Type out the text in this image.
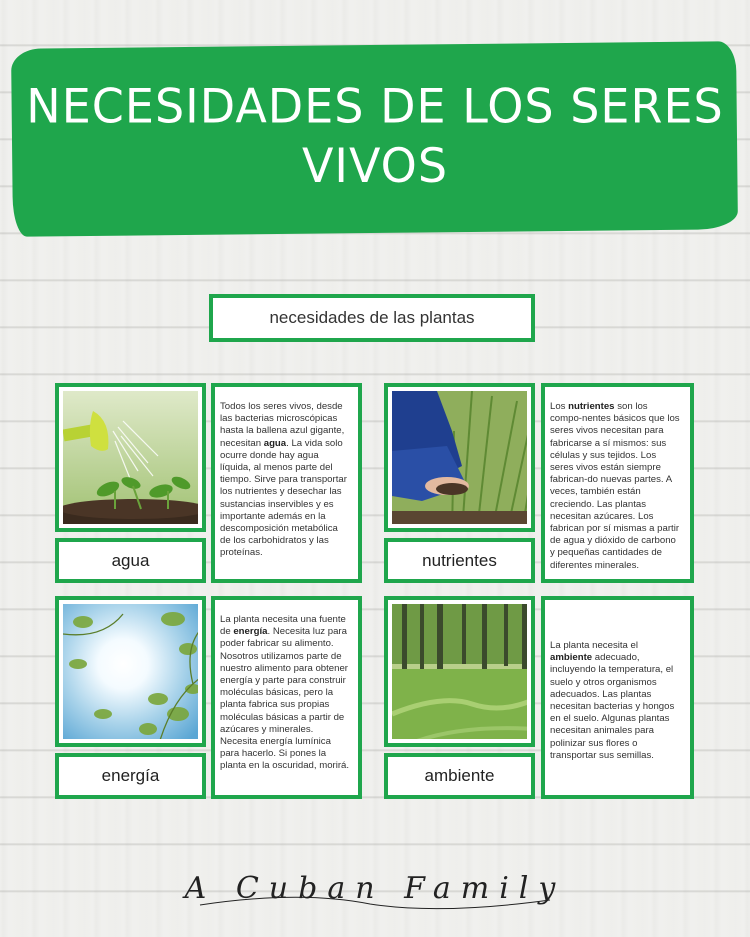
NECESIDADES DE LOS SERES VIVOS
necesidades de las plantas
agua
Todos los seres vivos, desde las bacterias microscópicas hasta la ballena azul gigante, necesitan agua. La vida solo ocurre donde hay agua líquida, al menos parte del tiempo. Sirve para transportar los nutrientes y desechar las sustancias inservibles y es importante además en la descomposición metabólica de los carbohidratos y las proteínas.	nutrientes
Los nutrientes son los compo-nentes básicos que los seres vivos necesitan para fabricarse a sí mismos: sus células y sus tejidos. Los seres vivos están siempre fabrican-do nuevas partes. A veces, también están creciendo. Las plantas necesitan azúcares. Los fabrican por sí mismas a partir de agua y dióxido de carbono y pequeñas cantidades de diferentes minerales.
energía
La planta necesita una fuente de energía. Necesita luz para poder fabricar su alimento. Nosotros utilizamos parte de nuestro alimento para obtener energía y parte para construir moléculas básicas, pero la planta fabrica sus propias moléculas básicas a partir de azúcares y minerales. Necesita energía lumínica para hacerlo. Si pones la planta en la oscuridad, morirá.
ambiente
La planta necesita el ambiente adecuado, incluyendo la temperatura, el suelo y otros organismos adecuados. Las plantas necesitan bacterias y hongos en el suelo. Algunas plantas necesitan animales para polinizar sus flores o transportar sus semillas.
A Cuban Family
